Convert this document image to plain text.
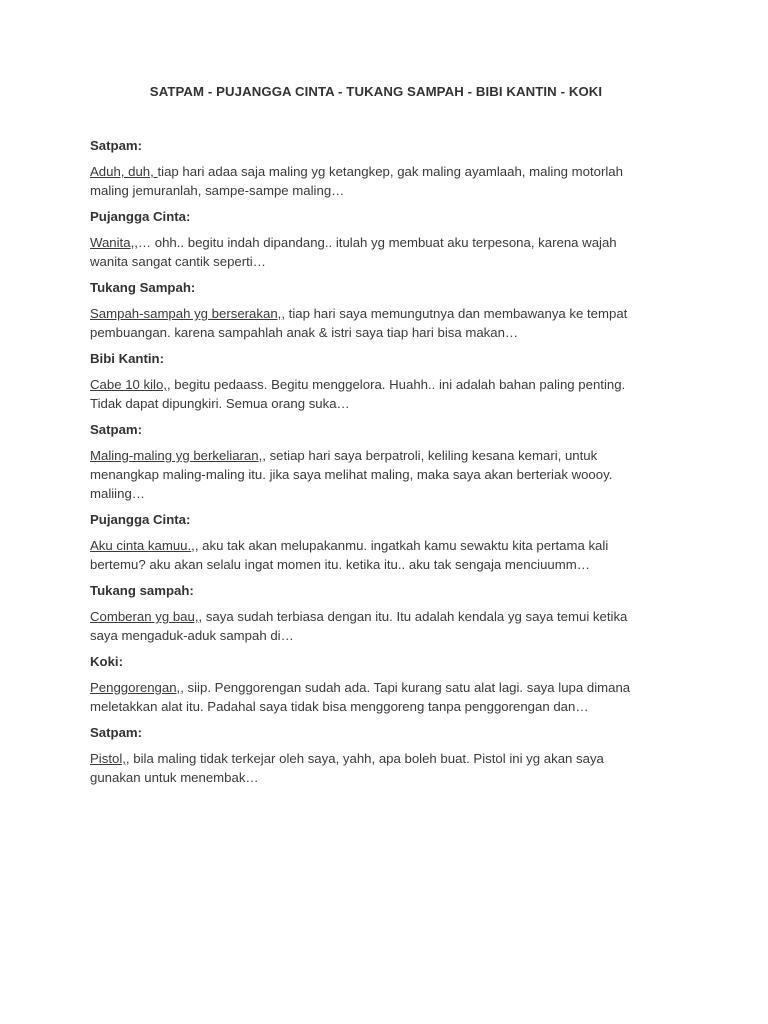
SATPAM - PUJANGGA CINTA - TUKANG SAMPAH - BIBI KANTIN - KOKI
Satpam:
Aduh, duh, tiap hari adaa saja maling yg ketangkep, gak maling ayamlaah, maling motorlah
maling jemuranlah, sampe-sampe maling…
Pujangga Cinta:
Wanita,,… ohh.. begitu indah dipandang.. itulah yg membuat aku terpesona, karena wajah
wanita sangat cantik seperti…
Tukang Sampah:
Sampah-sampah yg berserakan,, tiap hari saya memungutnya dan membawanya ke tempat
pembuangan. karena sampahlah anak & istri saya tiap hari bisa makan…
Bibi Kantin:
Cabe 10 kilo,, begitu pedaass. Begitu menggelora. Huahh.. ini adalah bahan paling penting.
Tidak dapat dipungkiri. Semua orang suka…
Satpam:
Maling-maling yg berkeliaran,, setiap hari saya berpatroli, keliling kesana kemari, untuk
menangkap maling-maling itu. jika saya melihat maling, maka saya akan berteriak woooy.
maliing…
Pujangga Cinta:
Aku cinta kamuu.,, aku tak akan melupakanmu. ingatkah kamu sewaktu kita pertama kali
bertemu? aku akan selalu ingat momen itu. ketika itu.. aku tak sengaja menciuumm…
Tukang sampah:
Comberan yg bau,, saya sudah terbiasa dengan itu. Itu adalah kendala yg saya temui ketika
saya mengaduk-aduk sampah di…
Koki:
Penggorengan,, siip. Penggorengan sudah ada. Tapi kurang satu alat lagi. saya lupa dimana
meletakkan alat itu. Padahal saya tidak bisa menggoreng tanpa penggorengan dan…
Satpam:
Pistol,, bila maling tidak terkejar oleh saya, yahh, apa boleh buat. Pistol ini yg akan saya
gunakan untuk menembak…
